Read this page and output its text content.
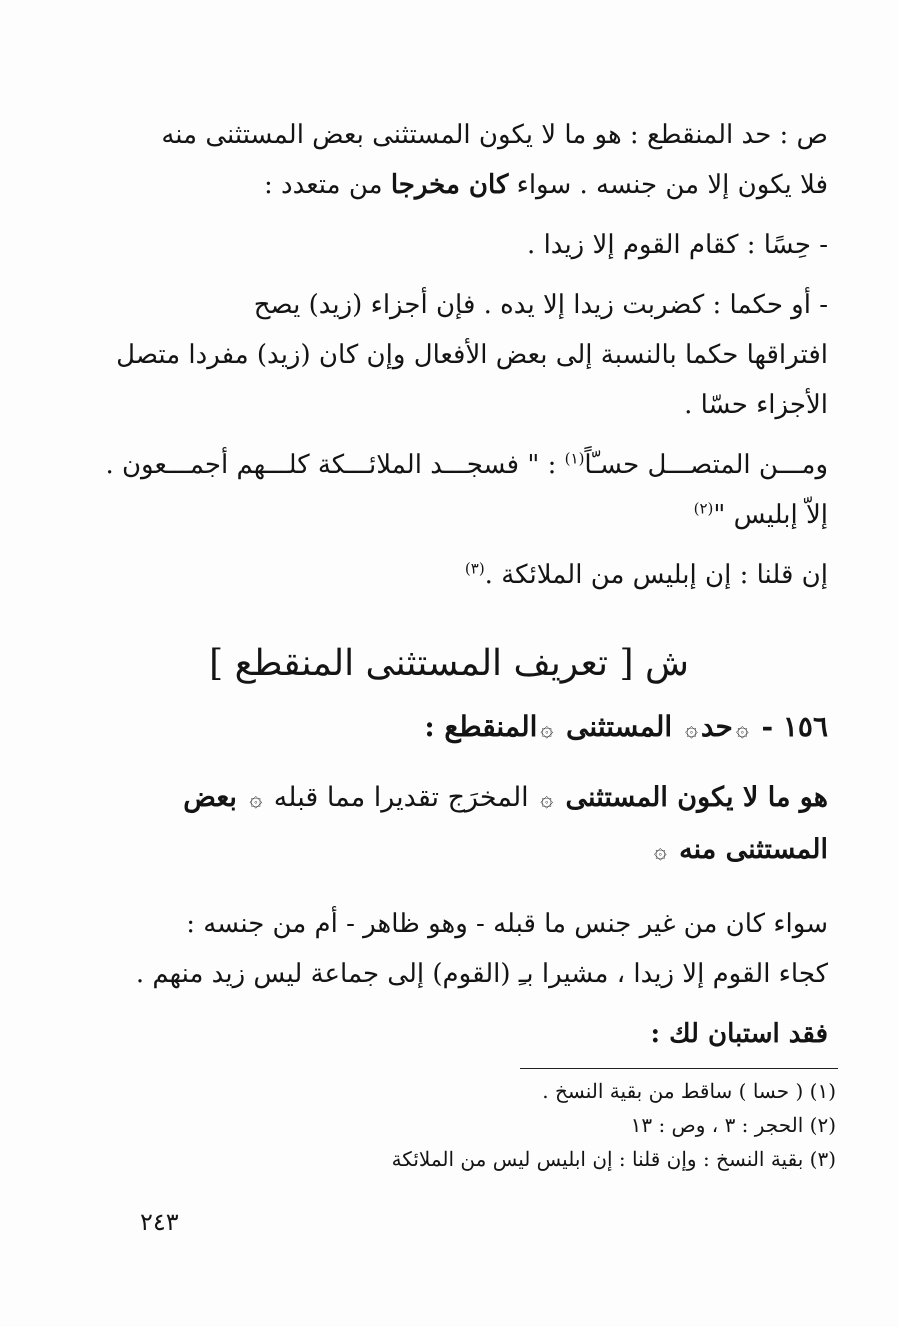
ص : حد المنقطع : هو ما لا يكون المستثنى بعض المستثنى منه
فلا يكون إلا من جنسه . سواء كان مخرجا من متعدد :

- حِسًا : كقام القوم إلا زيدا .

- أو حكما : كضربت زيدا إلا يده . فإن أجزاء (زيد) يصح
افتراقها حكما بالنسبة إلى بعض الأفعال وإن كان (زيد) مفردا متصل
الأجزاء حسّا .

ومـــن المتصـــل حسـّاً$^{(١)}$ : " فسجـــد الملائـــكة كلـــهم أجمـــعون .
إلاّ إبليس "$^{(٢)}$

إن قلنا : إن إبليس من الملائكة .$^{(٣)}$

ش [ تعريف المستثنى المنقطع ]
١٥٦ - ۞حد۞ المستثنى ۞المنقطع :
هو ما لا يكون المستثنى ۞ المخرَج تقديرا مما قبله ۞ بعض
المستثنى منه ۞

سواء كان من غير جنس ما قبله - وهو ظاهر - أم من جنسه :
كجاء القوم إلا زيدا ، مشيرا بـِ (القوم) إلى جماعة ليس زيد منهم .

فقد استبان لك :

(١) ( حسا ) ساقط من بقية النسخ .
(٢) الحجر : ٣ ، وص : ١٣
(٣) بقية النسخ : وإن قلنا : إن ابليس ليس من الملائكة
٢٤٣
